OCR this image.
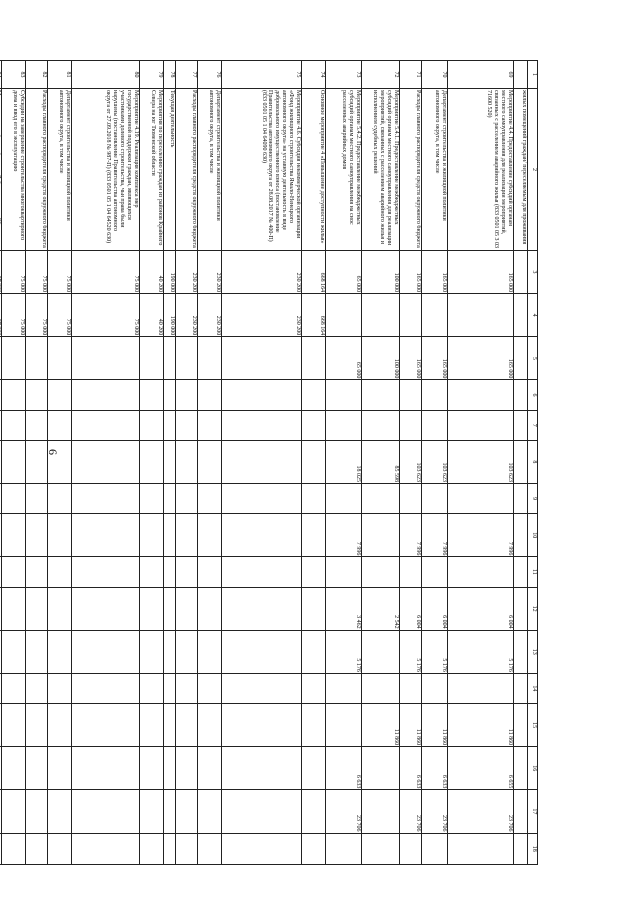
6
1	2	3	4	5	6	7	8	9	10	11	12	13	14	15	16	17	18
	жилых помещений граждан/ переселяемым для проживания																
69	Мероприятие 4.4. Предоставление субсидий органам местного самоуправления для реализации мероприятий, связанных с расселением аварийного жилья (833 0501 05 3 03 71600 520)	165 000		165 000			103 623		7 996		6 004	5 176		11 860	6 655	23 706	
70	Департамент строительства и жилищной политики автономного округа, в том числе	165 000		165 000			103 623		7 996		6 004	5 176		11 860	6 633	23 706	
71	Расходы главного распорядителя средств окружного бюджета	165 000		165 000			103 623		7 996		6 004	5 176		11 860	6 633	23 706	
72	Мероприятие 5.4.1. Предоставление межбюджетных субсидий органам местного самоуправления для реализации мероприятий, связанных с расселением аварийного жилья и исполнением судебных решений	100 000		100 000			85 598				2 542			11 860			
73	Мероприятие 5.4.2. Предоставление межбюджетных субсидий органам местного самоуправления на снос расселенных аварийных домов	65 000		65 000			18 025		7 996		3 462	5 176			6 633	23 706	
74	Основное мероприятие 4 «Повышение доступности жилья»	668 164	668 164														
75	Мероприятие 4.6. Субсидия некоммерческой организации «Фонд жилищного строительства Ямало-Ненецкого автономного округа» на уставную деятельность в виде добровольного имущественного взноса (постановление Правительства автономного округа от 28.08.2017 № 400-П) (833 0501 05 1 04 64090 630)	230 200	230 200														
76	Департамент строительства и жилищной политики автономного округа, в том числе	230 200	230 200														
77	Расходы главного распорядителя средств окружного бюджета	230 200	230 200														
78	Текущая деятельность	190 000	190 000														
79	Мероприятия по переселению граждан из районов Крайнего Севера на юг Тюменской области	40 200	40 200														
80	Мероприятие 4.19. Реализация комплекса мер государственной поддержки граждан, являющихся участниками долевого строительства, чьи права были нарушены (постановление Правительства автономного округа от 27.09.2018 № 987-П) (833 0501 05 1 04 64520 630)	75 000	75 000														
81	Департамент строительства и жилищной политики автономного округа, в том числе	75 000	75 000														
82	Расходы главного распорядителя средств окружного бюджета	75 000	75 000														
83	Субсидии на завершение строительства многоквартирного дома и ввод его в эксплуатацию	75 000	75 000														
